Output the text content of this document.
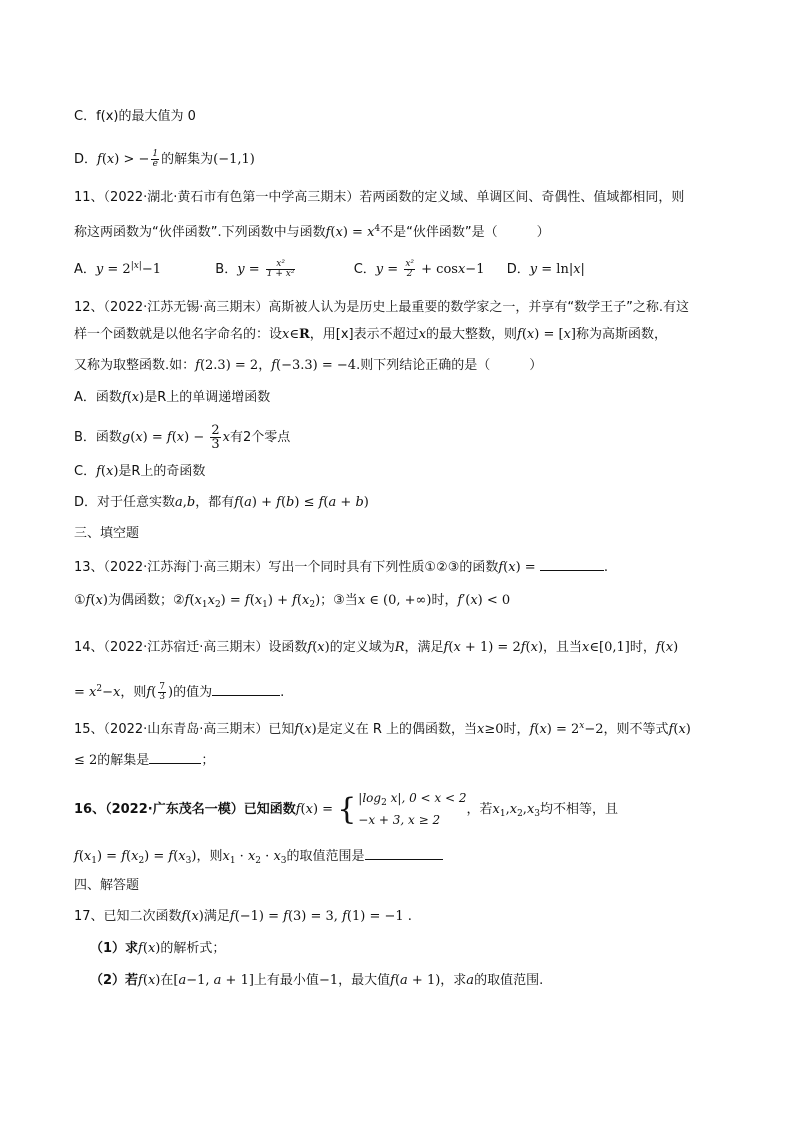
C．f(x)的最大值为 0
D．f(x) > − $\frac{1}{e}$ 的解集为(−1,1)
11、（2022·湖北·黄石市有色第一中学高三期末）若两函数的定义域、单调区间、奇偶性、值域都相同，则
称这两函数为“伙伴函数”.下列函数中与函数$f(x) = x^4$不是“伙伴函数”是（　　　）
A．$y = 2^{|x|}-1$	B．$y = \frac{\text{x²}}{\text{1 + x²}}$	C．$y = \frac{\text{x²}}{2} + \cos x-1$ D．y = ln|x|
12、（2022·江苏无锡·高三期末）高斯被人认为是历史上最重要的数学家之一，并享有“数学王子”之称.有这
样一个函数就是以他名字命名的：设x∈R，用[x]表示不超过x的最大整数，则f(x) = [x]称为高斯函数，
又称为取整函数.如：f(2.3) = 2，f(−3.3) = −4.则下列结论正确的是（　　　）
A．函数f(x)是R上的单调递增函数
B．函数$g(x) = f(x) - \frac{2}{3}$ x有2个零点
C．f(x)是R上的奇函数
D．对于任意实数a,b，都有f(a) + f(b) ≤ f(a + b)
三、填空题
13、（2022·江苏海门·高三期末）写出一个同时具有下列性质①②③的函数f(x) =	.
①f(x)为偶函数；$②f(x_1x_2) = f(x_1) + f(x_2)$；③当x ∈ (0, +∞)时，f′(x) < 0
14、（2022·江苏宿迁·高三期末）设函数f(x)的定义域为R，满足f(x + 1) = 2f(x)，且当x∈[0,1]时，f(x)
= $x^2-x$，则$f( \frac{7}{3}$ )的值为	.
15、（2022·山东青岛·高三期末）已知f(x)是定义在 R 上的偶函数，当x≥0时，$f(x) = 2^x-2$，则不等式f(x)
≤ 2的解集是	；
16、（2022·广东茂名一模）已知函数f(x) = { $|\log_2$ x|, 0 < x < 2
−x + 3, x ≥ 2
，若$x_1,x_2,x_3$均不相等，且
$f(x_1) = f(x_2) = f(x_3)$，则$x_1 \cdot x_2 \cdot x_3$的取值范围是
四、解答题
17、已知二次函数f(x)满足f(−1) = f(3) = 3, f(1) = −1 .
（1）求f(x)的解析式；
（2）若f(x)在[a−1, a + 1]上有最小值−1，最大值f(a + 1)，求a的取值范围.
